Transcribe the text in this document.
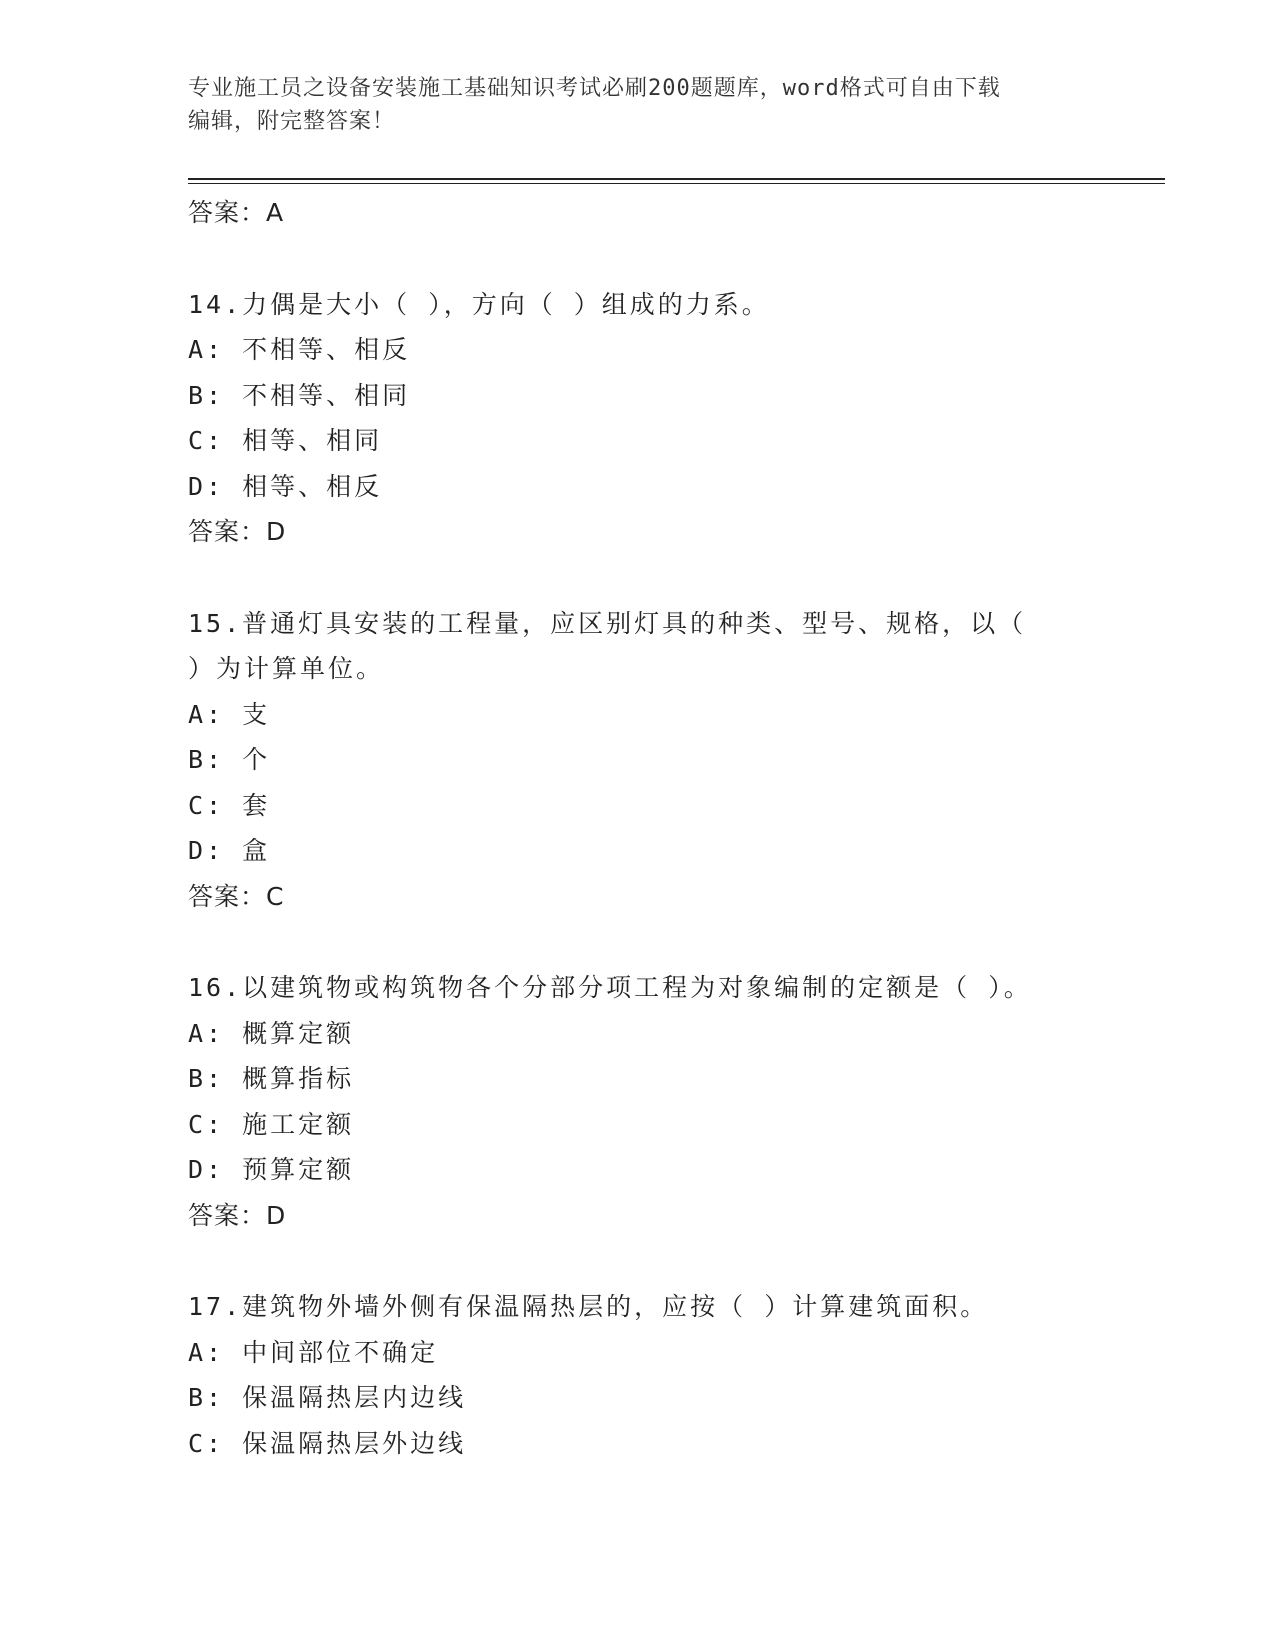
专业施工员之设备安装施工基础知识考试必刷200题题库，word格式可自由下载
编辑，附完整答案！
答案：A
14.力偶是大小（ ），方向（ ）组成的力系。
A: 不相等、相反
B: 不相等、相同
C: 相等、相同
D: 相等、相反
答案：D
15.普通灯具安装的工程量，应区别灯具的种类、型号、规格，以（
）为计算单位。
A: 支
B: 个
C: 套
D: 盒
答案：C
16.以建筑物或构筑物各个分部分项工程为对象编制的定额是（ ）。
A: 概算定额
B: 概算指标
C: 施工定额
D: 预算定额
答案：D
17.建筑物外墙外侧有保温隔热层的，应按（ ）计算建筑面积。
A: 中间部位不确定
B: 保温隔热层内边线
C: 保温隔热层外边线
